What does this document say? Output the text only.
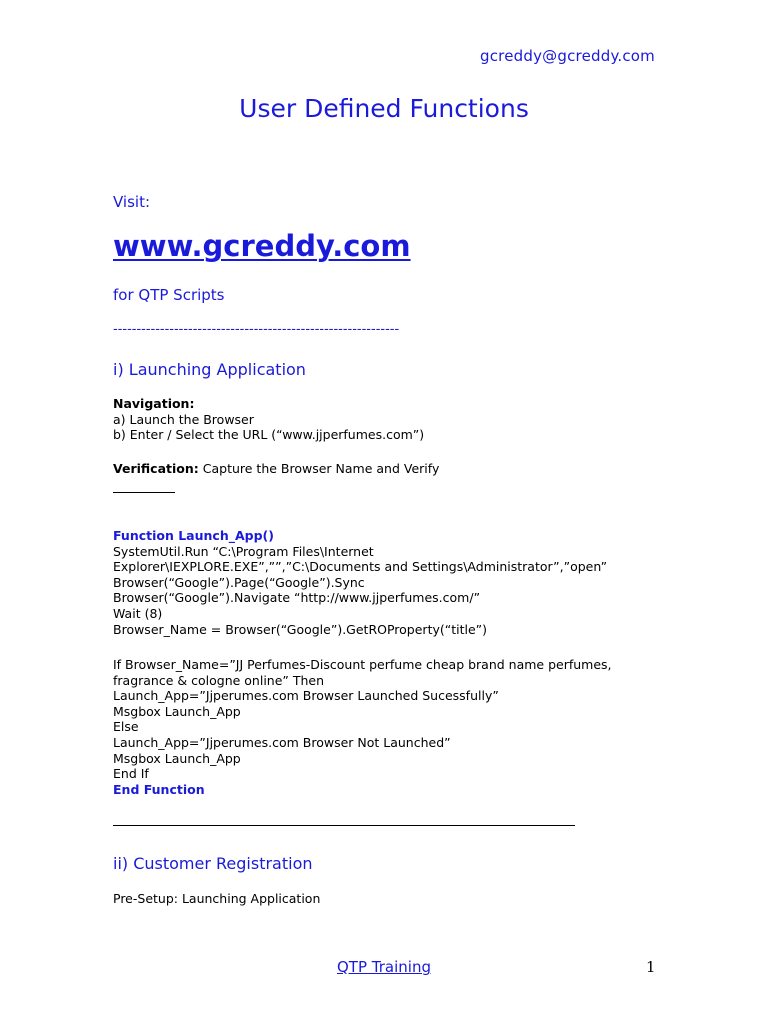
gcreddy@gcreddy.com
User Defined Functions
Visit:
www.gcreddy.com
for QTP Scripts
-------------------------------------------------------------
i) Launching Application
Navigation:
a) Launch the Browser
b) Enter / Select the URL (“www.jjperfumes.com”)
Verification: Capture the Browser Name and Verify
Function Launch_App()
SystemUtil.Run “C:\Program Files\Internet
Explorer\IEXPLORE.EXE”,””,”C:\Documents and Settings\Administrator”,”open”
Browser(“Google”).Page(“Google”).Sync
Browser(“Google”).Navigate “http://www.jjperfumes.com/”
Wait (8)
Browser_Name = Browser(“Google”).GetROProperty(“title”)
If Browser_Name=”JJ Perfumes-Discount perfume cheap brand name perfumes,
fragrance & cologne online” Then
Launch_App=”Jjperumes.com Browser Launched Sucessfully”
Msgbox Launch_App
Else
Launch_App=”Jjperumes.com Browser Not Launched”
Msgbox Launch_App
End If
End Function
ii) Customer Registration
Pre-Setup: Launching Application
QTP Training	1
